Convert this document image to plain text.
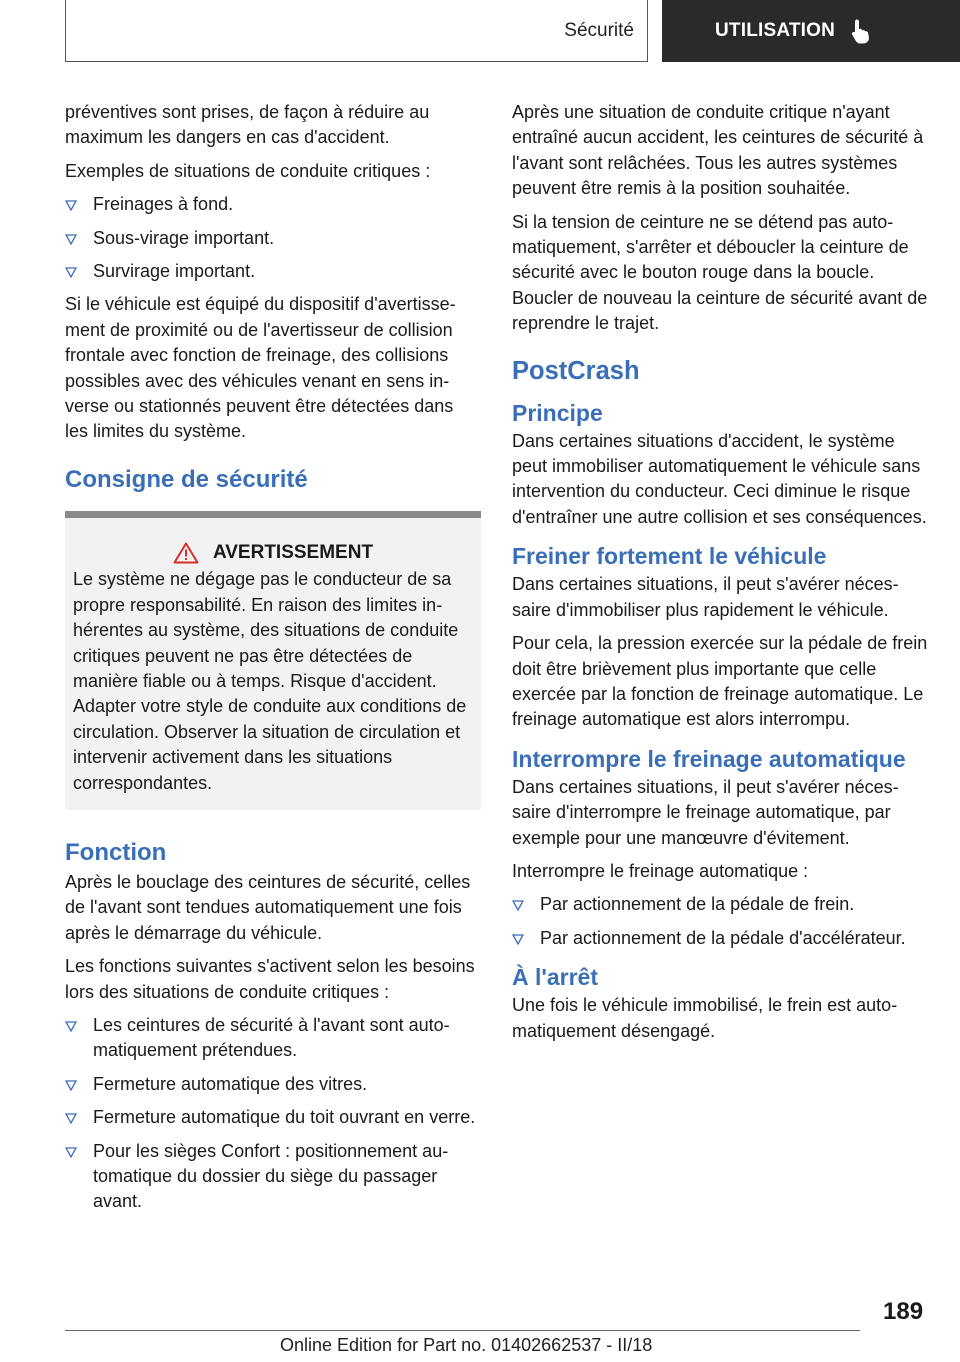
Sécurité	UTILISATION

préventives sont prises, de façon à réduire au maximum les dangers en cas d'accident.

Exemples de situations de conduite critiques :

Freinages à fond.
Sous-virage important.
Survirage important.

Si le véhicule est équipé du dispositif d'avertissement de proximité ou de l'avertisseur de collision frontale avec fonction de freinage, des collisions possibles avec des véhicules venant en sens inverse ou stationnés peuvent être détectées dans les limites du système.

Consigne de sécurité
AVERTISSEMENT

Le système ne dégage pas le conducteur de sa propre responsabilité. En raison des limites inhérentes au système, des situations de conduite critiques peuvent ne pas être détectées de manière fiable ou à temps. Risque d'accident. Adapter votre style de conduite aux conditions de circulation. Observer la situation de circulation et intervenir activement dans les situations correspondantes.

Fonction

Après le bouclage des ceintures de sécurité, celles de l'avant sont tendues automatiquement une fois après le démarrage du véhicule.

Les fonctions suivantes s'activent selon les besoins lors des situations de conduite critiques :

Les ceintures de sécurité à l'avant sont automatiquement prétendues.
Fermeture automatique des vitres.
Fermeture automatique du toit ouvrant en verre.
Pour les sièges Confort : positionnement automatique du dossier du siège du passager avant.

Après une situation de conduite critique n'ayant entraîné aucun accident, les ceintures de sécurité à l'avant sont relâchées. Tous les autres systèmes peuvent être remis à la position souhaitée.

Si la tension de ceinture ne se détend pas automatiquement, s'arrêter et déboucler la ceinture de sécurité avec le bouton rouge dans la boucle. Boucler de nouveau la ceinture de sécurité avant de reprendre le trajet.

PostCrash
Principe

Dans certaines situations d'accident, le système peut immobiliser automatiquement le véhicule sans intervention du conducteur. Ceci diminue le risque d'entraîner une autre collision et ses conséquences.

Freiner fortement le véhicule

Dans certaines situations, il peut s'avérer nécessaire d'immobiliser plus rapidement le véhicule.

Pour cela, la pression exercée sur la pédale de frein doit être brièvement plus importante que celle exercée par la fonction de freinage automatique. Le freinage automatique est alors interrompu.

Interrompre le freinage automatique

Dans certaines situations, il peut s'avérer nécessaire d'interrompre le freinage automatique, par exemple pour une manœuvre d'évitement.

Interrompre le freinage automatique :

Par actionnement de la pédale de frein.
Par actionnement de la pédale d'accélérateur.
À l'arrêt

Une fois le véhicule immobilisé, le frein est automatiquement désengagé.

189
Online Edition for Part no. 01402662537 - II/18
